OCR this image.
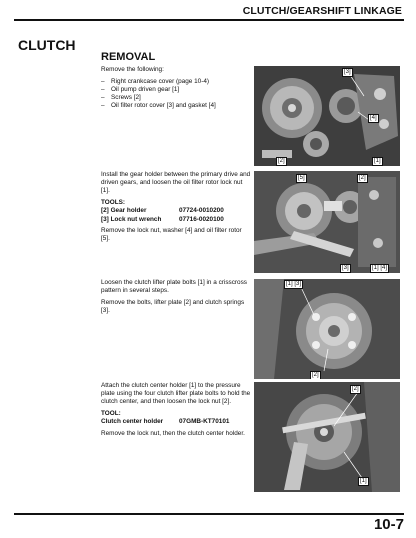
CLUTCH/GEARSHIFT LINKAGE
CLUTCH
REMOVAL

Remove the following:

– Right crankcase cover (page 10-4)
– Oil pump driven gear [1]
– Screws [2]
– Oil filter rotor cover [3] and gasket [4]

Install the gear holder between the primary drive and driven gears, and loosen the oil filter rotor lock nut [1].

TOOLS:
[2] Gear holder	07724-0010200
[3] Lock nut wrench	07716-0020100

Remove the lock nut, washer [4] and oil filter rotor [5].

Loosen the clutch lifter plate bolts [1] in a crisscross pattern in several steps.

Remove the bolts, lifter plate [2] and clutch springs [3].

Attach the clutch center holder [1] to the pressure plate using the four clutch lifter plate bolts to hold the clutch center, and then loosen the lock nut [2].

TOOL:
Clutch center holder	07GMB-KT70101

Remove the lock nut, then the clutch center holder.

[3]
[4]
[2]	[1]
[5]	[2]
[3]	[1] [4]
[1] [3]
[2]
[2]
[1]
10-7
